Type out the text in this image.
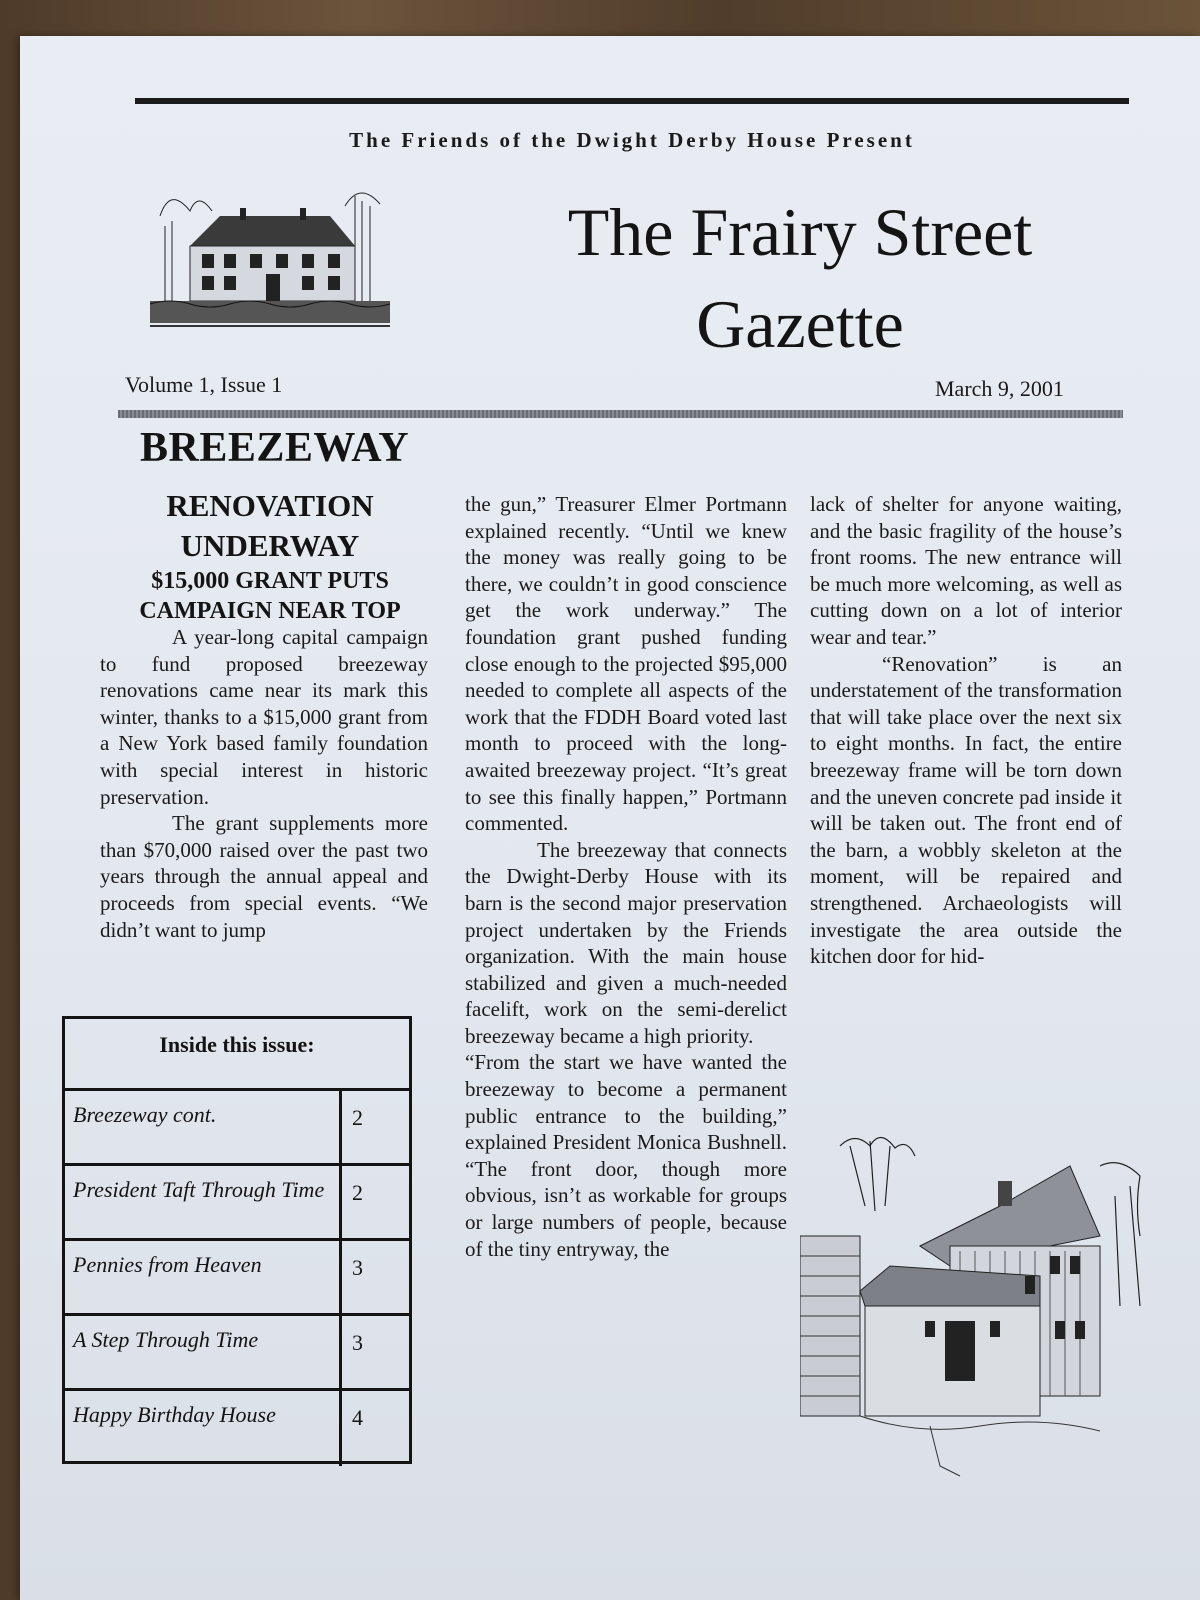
The Friends of the Dwight Derby House Present
The Frairy Street
Gazette
Volume 1, Issue 1	March 9, 2001
BREEZEWAY
RENOVATION
UNDERWAY
$15,000 GRANT PUTS
CAMPAIGN NEAR TOP

A year-long capital campaign to fund proposed breezeway renovations came near its mark this winter, thanks to a $15,000 grant from a New York based family foundation with special interest in historic preservation.

The grant supplements more than $70,000 raised over the past two years through the annual appeal and proceeds from special events. “We didn’t want to jump

the gun,” Treasurer Elmer Portmann explained recently. “Until we knew the money was really going to be there, we couldn’t in good conscience get the work underway.” The foundation grant pushed funding close enough to the projected $95,000 needed to complete all aspects of the work that the FDDH Board voted last month to proceed with the long-awaited breezeway project. “It’s great to see this finally happen,” Portmann commented.

The breezeway that connects the Dwight-Derby House with its barn is the second major preservation project undertaken by the Friends organization. With the main house stabilized and given a much-needed facelift, work on the semi-derelict breezeway became a high priority.

“From the start we have wanted the breezeway to become a permanent public entrance to the building,” explained President Monica Bushnell. “The front door, though more obvious, isn’t as workable for groups or large numbers of people, because of the tiny entryway, the

lack of shelter for anyone waiting, and the basic fragility of the house’s front rooms. The new entrance will be much more welcoming, as well as cutting down on a lot of interior wear and tear.”

“Renovation” is an understatement of the transformation that will take place over the next six to eight months. In fact, the entire breezeway frame will be torn down and the uneven concrete pad inside it will be taken out. The front end of the barn, a wobbly skeleton at the moment, will be repaired and strengthened. Archaeologists will investigate the area outside the kitchen door for hid-

Inside this issue:
Breezeway cont.	2
President Taft Through Time	2
Pennies from Heaven	3
A Step Through Time	3
Happy Birthday House	4
